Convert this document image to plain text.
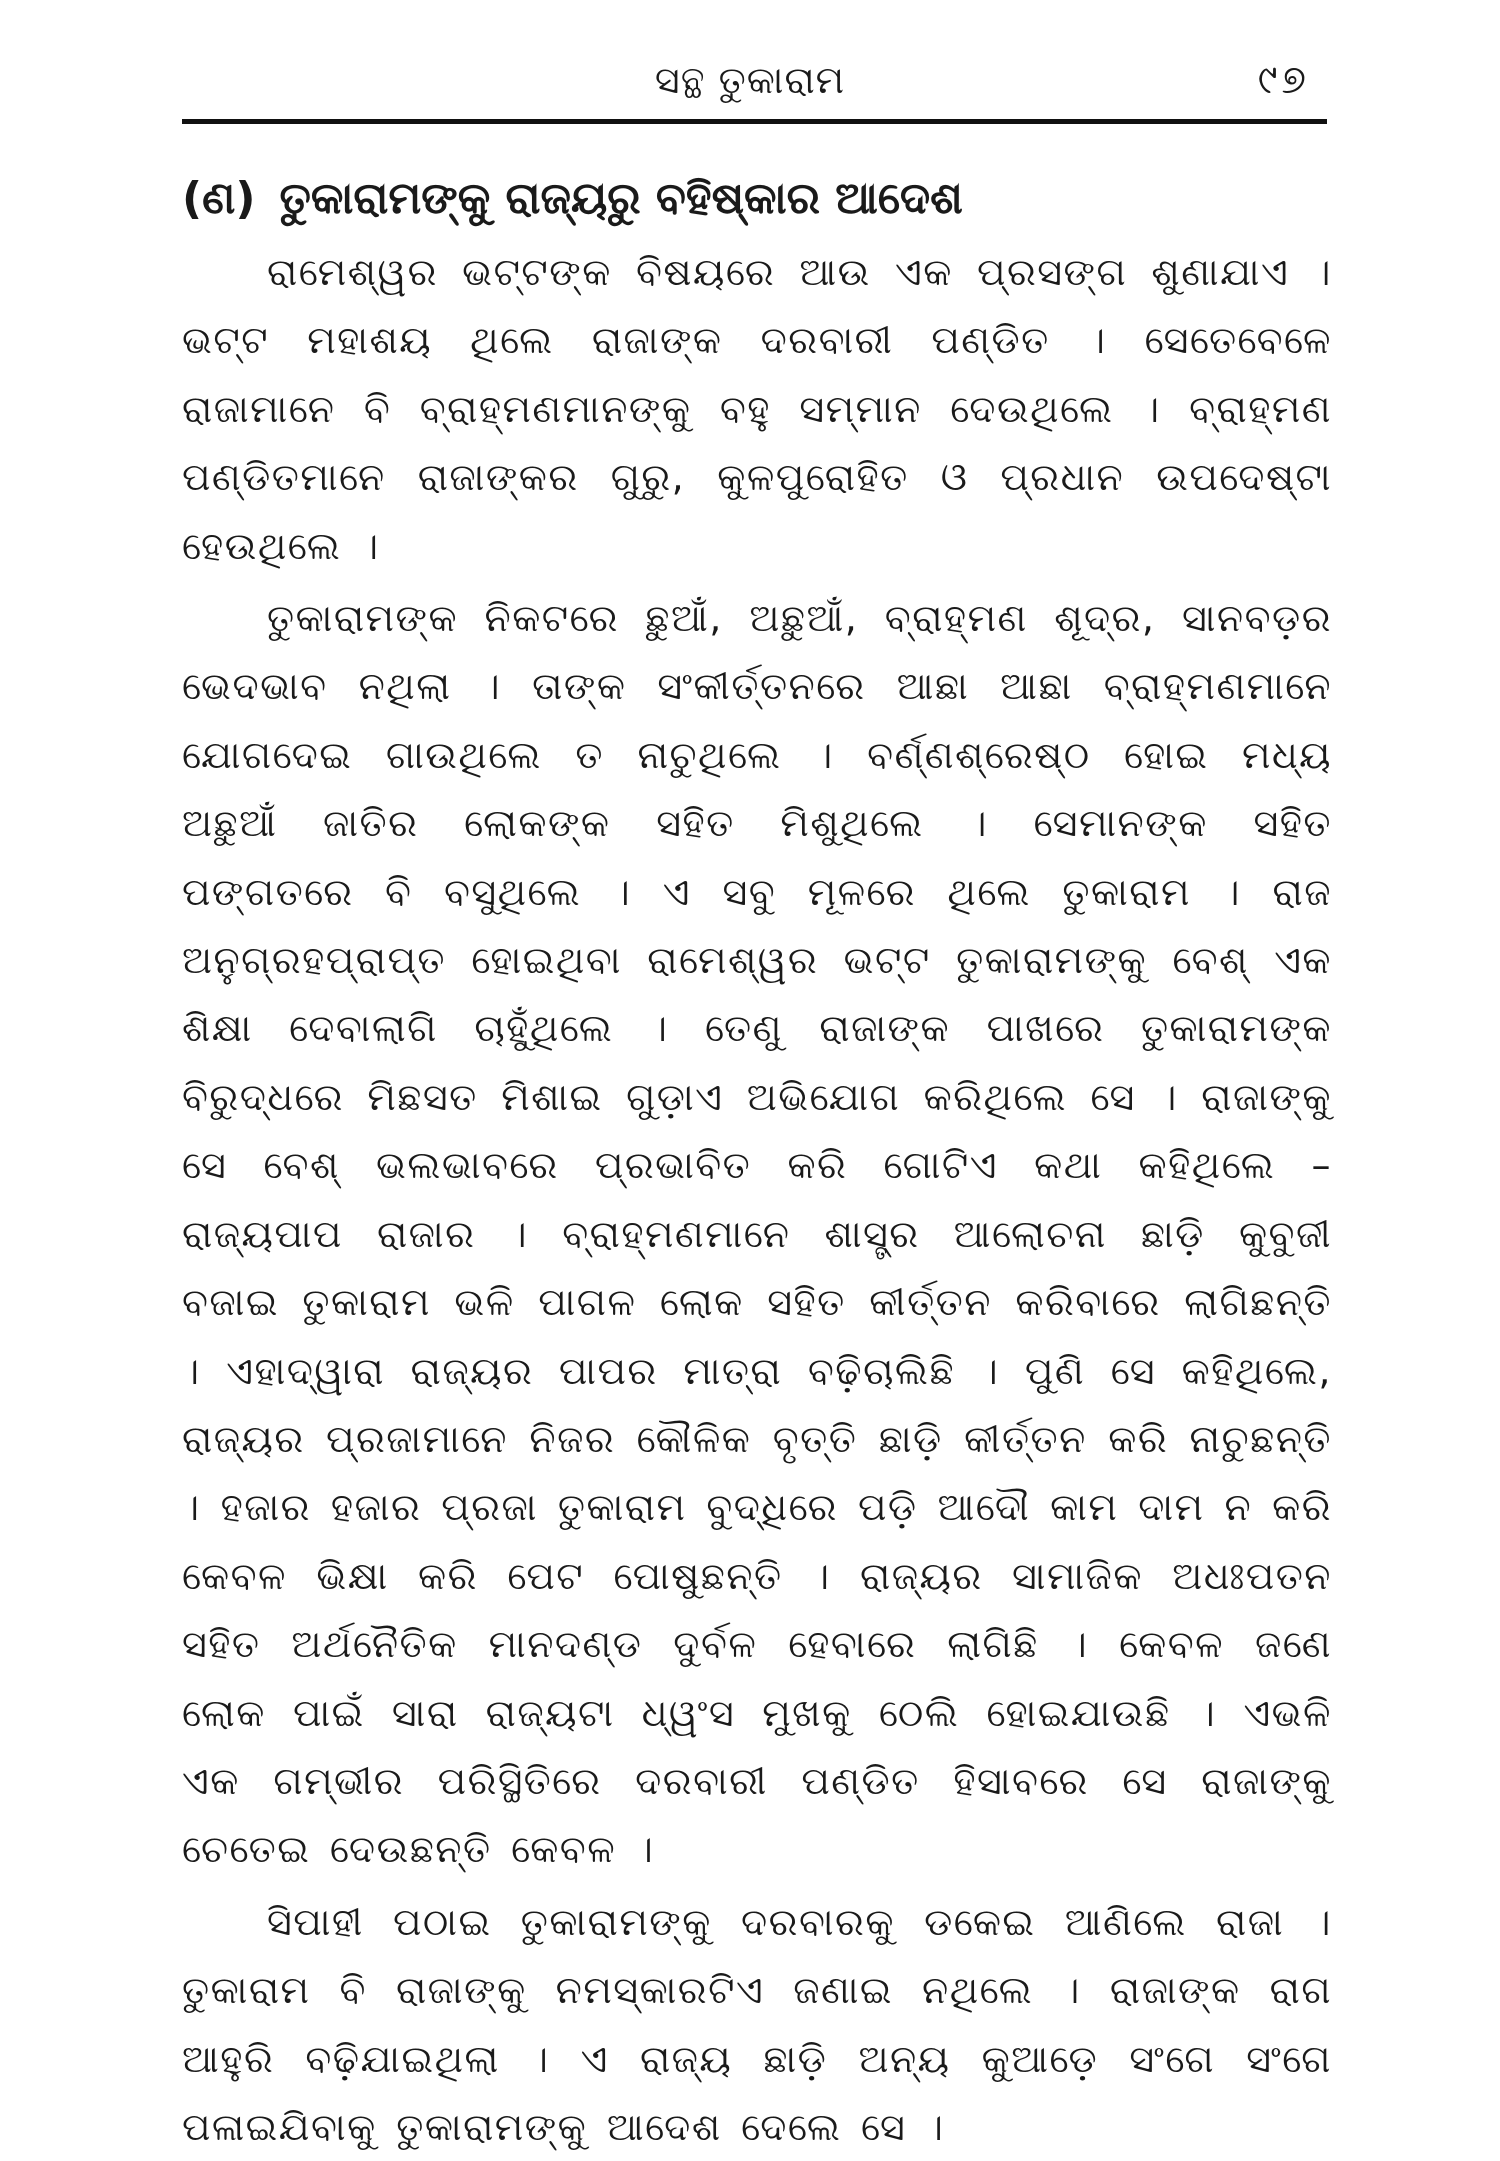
ସନ୍ଥ ତୁକାରାମ	୯୭
(ଣ) ତୁକାରାମଙ୍କୁ ରାଜ୍ୟରୁ ବହିଷ୍କାର ଆଦେଶ

ରାମେଶ୍ୱର ଭଟ୍ଟଙ୍କ ବିଷୟରେ ଆଉ ଏକ ପ୍ରସଙ୍ଗ ଶୁଣାଯାଏ । ଭଟ୍ଟ ମହାଶୟ ଥିଲେ ରାଜାଙ୍କ ଦରବାରୀ ପଣ୍ଡିତ । ସେତେବେଳେ ରାଜାମାନେ ବି ବ୍ରାହ୍ମଣମାନଙ୍କୁ ବହୁ ସମ୍ମାନ ଦେଉଥିଲେ । ବ୍ରାହ୍ମଣ ପଣ୍ଡିତମାନେ ରାଜାଙ୍କର ଗୁରୁ, କୁଳପୁରୋହିତ ଓ ପ୍ରଧାନ ଉପଦେଷ୍ଟା ହେଉଥିଲେ ।

ତୁକାରାମଙ୍କ ନିକଟରେ ଛୁଆଁ, ଅଛୁଆଁ, ବ୍ରାହ୍ମଣ ଶୂଦ୍ର, ସାନବଡ଼ର ଭେଦଭାବ ନଥିଲା । ତାଙ୍କ ସଂକୀର୍ତ୍ତନରେ ଆଛା ଆଛା ବ୍ରାହ୍ମଣମାନେ ଯୋଗଦେଇ ଗାଉଥିଲେ ତ ନାଚୁଥିଲେ । ବର୍ଣ୍ଣଶ୍ରେଷ୍ଠ ହୋଇ ମଧ୍ୟ ଅଛୁଆଁ ଜାତିର ଲୋକଙ୍କ ସହିତ ମିଶୁଥିଲେ । ସେମାନଙ୍କ ସହିତ ପଙ୍ଗତରେ ବି ବସୁଥିଲେ । ଏ ସବୁ ମୂଳରେ ଥିଲେ ତୁକାରାମ । ରାଜ ଅନୁଗ୍ରହପ୍ରାପ୍ତ ହୋଇଥିବା ରାମେଶ୍ୱର ଭଟ୍ଟ ତୁକାରାମଙ୍କୁ ବେଶ୍ ଏକ ଶିକ୍ଷା ଦେବାଲାଗି ଚାହୁଁଥିଲେ । ତେଣୁ ରାଜାଙ୍କ ପାଖରେ ତୁକାରାମଙ୍କ ବିରୁଦ୍ଧରେ ମିଛସତ ମିଶାଇ ଗୁଡ଼ାଏ ଅଭିଯୋଗ କରିଥିଲେ ସେ । ରାଜାଙ୍କୁ ସେ ବେଶ୍ ଭଲଭାବରେ ପ୍ରଭାବିତ କରି ଗୋଟିଏ କଥା କହିଥିଲେ – ରାଜ୍ୟପାପ ରାଜାର । ବ୍ରାହ୍ମଣମାନେ ଶାସ୍ତ୍ର ଆଲୋଚନା ଛାଡ଼ି କୁବୁଜୀ ବଜାଇ ତୁକାରାମ ଭଳି ପାଗଳ ଲୋକ ସହିତ କୀର୍ତ୍ତନ କରିବାରେ ଲାଗିଛନ୍ତି । ଏହାଦ୍ୱାରା ରାଜ୍ୟର ପାପର ମାତ୍ରା ବଢ଼ିଚାଲିଛି । ପୁଣି ସେ କହିଥିଲେ, ରାଜ୍ୟର ପ୍ରଜାମାନେ ନିଜର କୌଳିକ ବୃତ୍ତି ଛାଡ଼ି କୀର୍ତ୍ତନ କରି ନାଚୁଛନ୍ତି । ହଜାର ହଜାର ପ୍ରଜା ତୁକାରାମ ବୁଦ୍ଧିରେ ପଡ଼ି ଆଦୌ କାମ ଦାମ ନ କରି କେବଳ ଭିକ୍ଷା କରି ପେଟ ପୋଷୁଛନ୍ତି । ରାଜ୍ୟର ସାମାଜିକ ଅଧଃପତନ ସହିତ ଅର୍ଥନୈତିକ ମାନଦଣ୍ଡ ଦୁର୍ବଳ ହେବାରେ ଲାଗିଛି । କେବଳ ଜଣେ ଲୋକ ପାଇଁ ସାରା ରାଜ୍ୟଟା ଧ୍ୱଂସ ମୁଖକୁ ଠେଲି ହୋଇଯାଉଛି । ଏଭଳି ଏକ ଗମ୍ଭୀର ପରିସ୍ଥିତିରେ ଦରବାରୀ ପଣ୍ଡିତ ହିସାବରେ ସେ ରାଜାଙ୍କୁ ଚେତେଇ ଦେଉଛନ୍ତି କେବଳ ।

ସିପାହୀ ପଠାଇ ତୁକାରାମଙ୍କୁ ଦରବାରକୁ ଡକେଇ ଆଣିଲେ ରାଜା । ତୁକାରାମ ବି ରାଜାଙ୍କୁ ନମସ୍କାରଟିଏ ଜଣାଇ ନଥିଲେ । ରାଜାଙ୍କ ରାଗ ଆହୁରି ବଢ଼ିଯାଇଥିଲା । ଏ ରାଜ୍ୟ ଛାଡ଼ି ଅନ୍ୟ କୁଆଡ଼େ ସଂଗେ ସଂଗେ ପଳାଇଯିବାକୁ ତୁକାରାମଙ୍କୁ ଆଦେଶ ଦେଲେ ସେ ।
